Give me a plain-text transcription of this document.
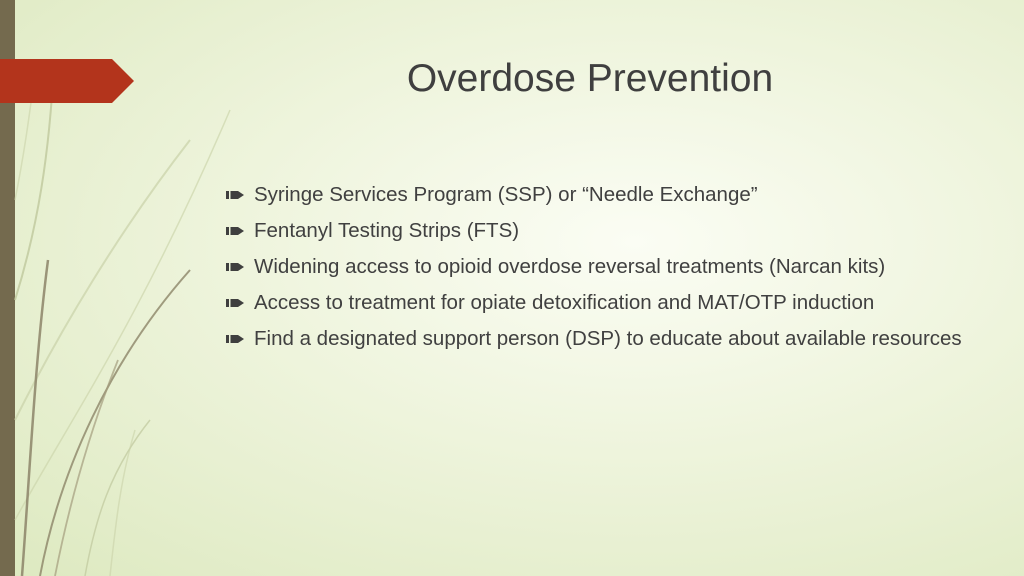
Overdose Prevention
Syringe Services Program (SSP) or “Needle Exchange”
Fentanyl Testing Strips (FTS)
Widening access to opioid overdose reversal treatments (Narcan kits)
Access to treatment for opiate detoxification and MAT/OTP induction
Find a designated support person (DSP) to educate about available resources
